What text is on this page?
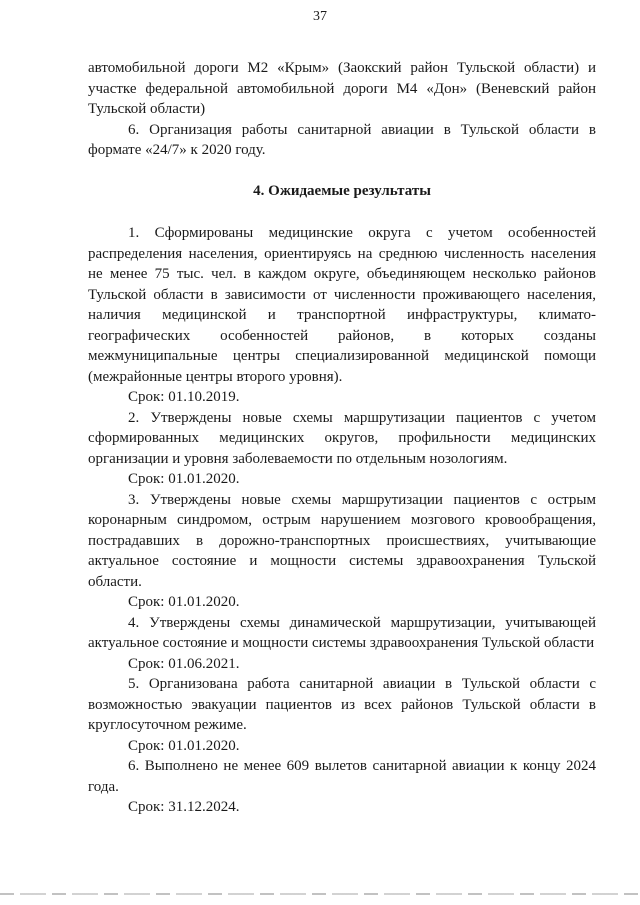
37

автомобильной дороги М2 «Крым» (Заокский район Тульской области) и участке федеральной автомобильной дороги М4 «Дон» (Веневский район Тульской области)

6. Организация работы санитарной авиации в Тульской области в формате «24/7» к 2020 году.

4. Ожидаемые результаты

1. Сформированы медицинские округа с учетом особенностей распределения населения, ориентируясь на среднюю численность населения не менее 75 тыс. чел. в каждом округе, объединяющем несколько районов Тульской области в зависимости от численности проживающего населения, наличия медицинской и транспортной инфраструктуры, климато-географических особенностей районов, в которых созданы межмуниципальные центры специализированной медицинской помощи (межрайонные центры второго уровня).

Срок: 01.10.2019.

2. Утверждены новые схемы маршрутизации пациентов с учетом сформированных медицинских округов, профильности медицинских организации и уровня заболеваемости по отдельным нозологиям.

Срок: 01.01.2020.

3. Утверждены новые схемы маршрутизации пациентов с острым коронарным синдромом, острым нарушением мозгового кровообращения, пострадавших в дорожно-транспортных происшествиях, учитывающие актуальное состояние и мощности системы здравоохранения Тульской области.

Срок: 01.01.2020.

4. Утверждены схемы динамической маршрутизации, учитывающей актуальное состояние и мощности системы здравоохранения Тульской области

Срок: 01.06.2021.

5. Организована работа санитарной авиации в Тульской области с возможностью эвакуации пациентов из всех районов Тульской области в круглосуточном режиме.

Срок: 01.01.2020.

6. Выполнено не менее 609 вылетов санитарной авиации к концу 2024 года.

Срок: 31.12.2024.
